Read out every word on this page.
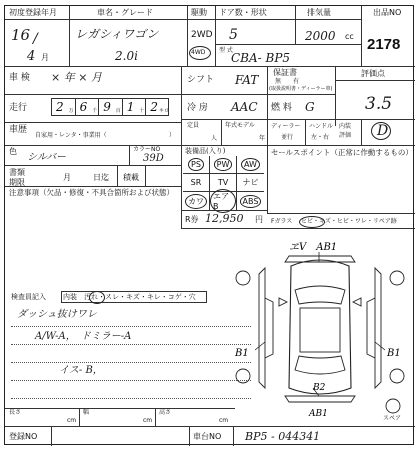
初度登録年月
16 /
4 月
車名・グレード
レガシィワゴン
2.0i
駆動
2WD
4WD
ドア数・形状
5
排気量
2000 cc
型 式
CBA- BP5
出品NO
2178
車 検 × 年 × 月	シフト FAT
保証書
無　　有
(取扱説明書・ディーラー車)
評価点
3.5
走行 2 万 6 千 9 百 1 十 2 キロ 冷 房 AAC 燃 料 G
定員
人
年式モデル
年
ディーラー
並行
ハンドル
左・右
内装
評価 D
車歴
自家用・レンタ・事業用（	）
色
シルバー
カラーNO
39D
書類
期限
月	日迄 積載
注意事項（欠品・修復・不具合箇所および状態）
装備品(入り)
PS	PW	AW
SR TV ナビ
カワ	エアB
ABS
R券 12,950 円
セールスポイント（正常に作動するもの）
Fガラス ヒビ・キズ・ヒビ・ワレ・リペア跡
検査員記入 内装　汚れ・スレ・キズ・キレ・コゲ・穴
ダッシュ抜けワレ
A/W-A，　ドミラー-A
イス- B，
ヱV　AB1
B1	B1
B2
AB1	スペア
長さ
cm
幅
cm
高さ
cm
登録NO	車台NO BP5 - 044341
